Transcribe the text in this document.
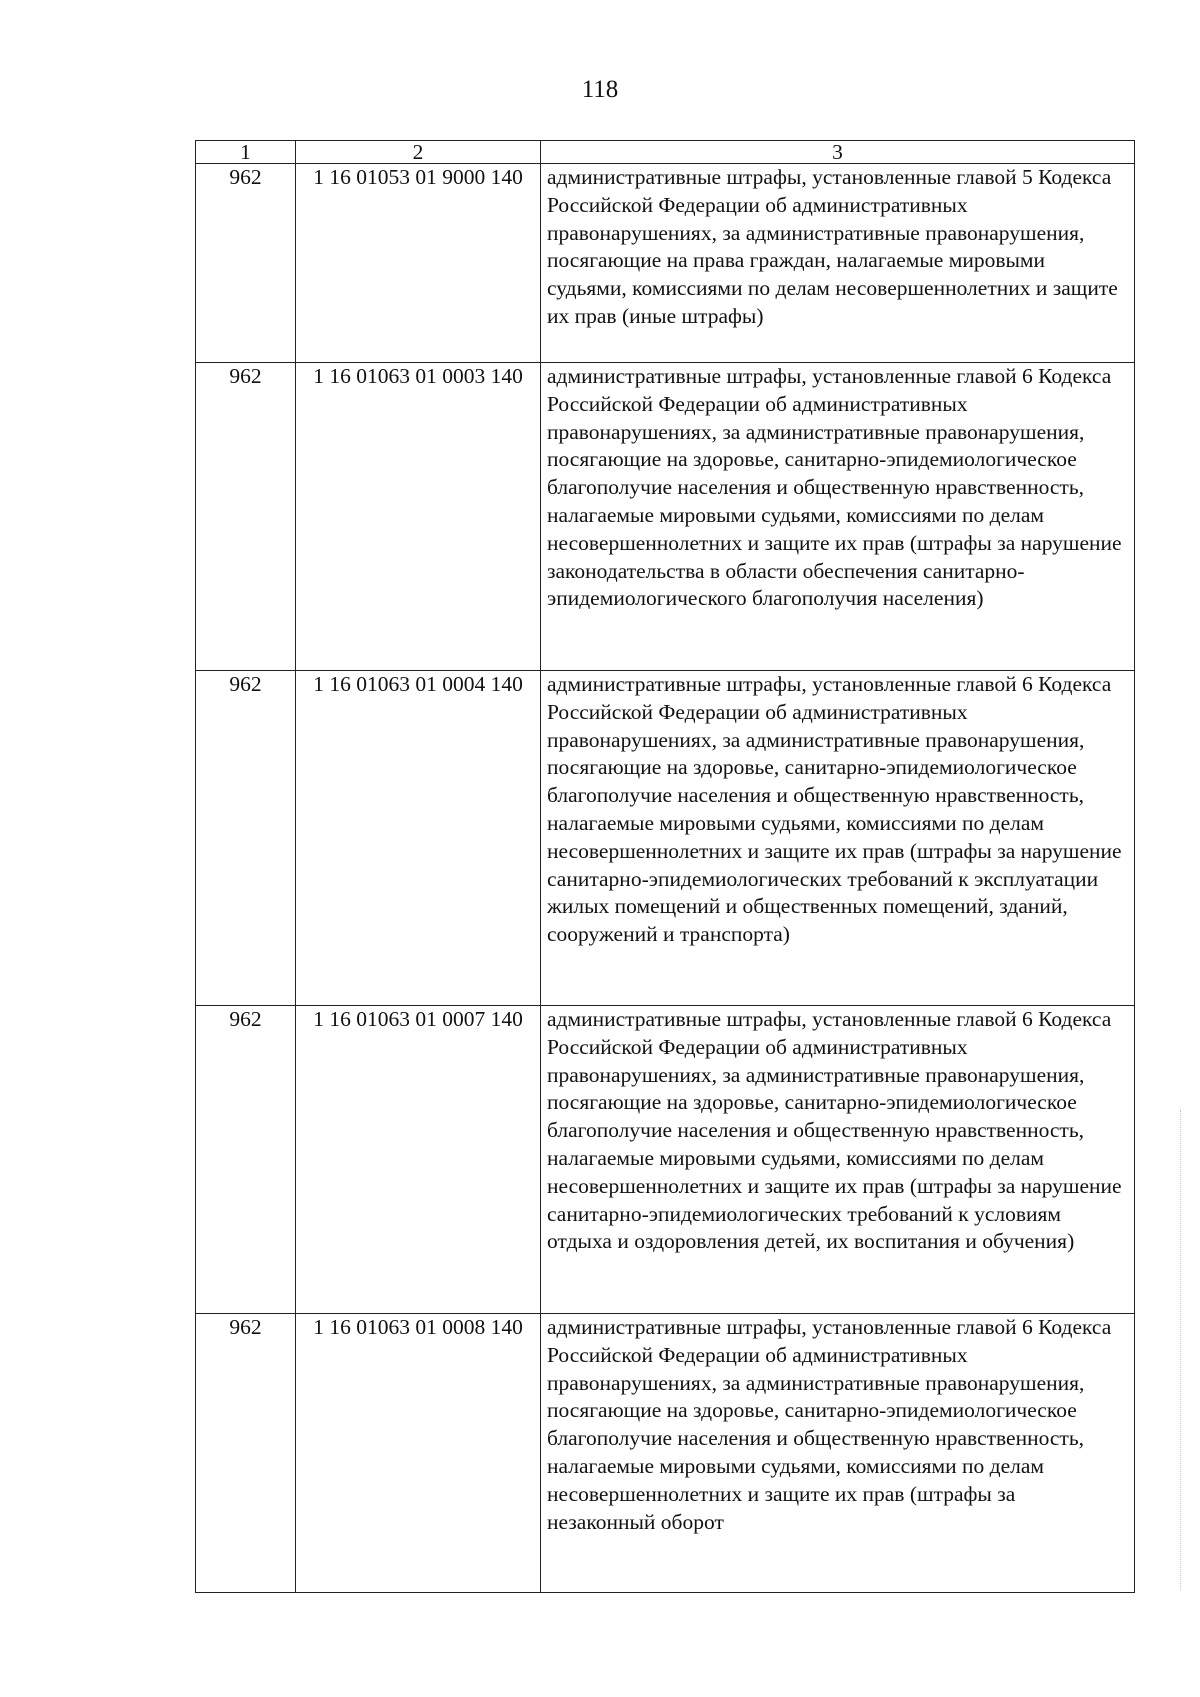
118
1	2	3
962	1 16 01053 01 9000 140	административные штрафы, установленные главой 5 Кодекса Российской Федерации об административных правонарушениях, за административные правонарушения, посягающие на права граждан, налагаемые мировыми судьями, комиссиями по делам несовершеннолетних и защите их прав (иные штрафы)
962	1 16 01063 01 0003 140	административные штрафы, установленные главой 6 Кодекса Российской Федерации об административных правонарушениях, за административные правонарушения, посягающие на здоровье, санитарно-эпидемиологическое благополучие населения и общественную нравственность, налагаемые мировыми судьями, комиссиями по делам несовершеннолетних и защите их прав (штрафы за нарушение законодательства в области обеспечения санитарно-эпидемиологического благополучия населения)
962	1 16 01063 01 0004 140	административные штрафы, установленные главой 6 Кодекса Российской Федерации об административных правонарушениях, за административные правонарушения, посягающие на здоровье, санитарно-эпидемиологическое благополучие населения и общественную нравственность, налагаемые мировыми судьями, комиссиями по делам несовершеннолетних и защите их прав (штрафы за нарушение санитарно-эпидемиологических требований к эксплуатации жилых помещений и общественных помещений, зданий, сооружений и транспорта)
962	1 16 01063 01 0007 140	административные штрафы, установленные главой 6 Кодекса Российской Федерации об административных правонарушениях, за административные правонарушения, посягающие на здоровье, санитарно-эпидемиологическое благополучие населения и общественную нравственность, налагаемые мировыми судьями, комиссиями по делам несовершеннолетних и защите их прав (штрафы за нарушение санитарно-эпидемиологических требований к условиям отдыха и оздоровления детей, их воспитания и обучения)
962	1 16 01063 01 0008 140	административные штрафы, установленные главой 6 Кодекса Российской Федерации об административных правонарушениях, за административные правонарушения, посягающие на здоровье, санитарно-эпидемиологическое благополучие населения и общественную нравственность, налагаемые мировыми судьями, комиссиями по делам несовершеннолетних и защите их прав (штрафы за незаконный оборот
